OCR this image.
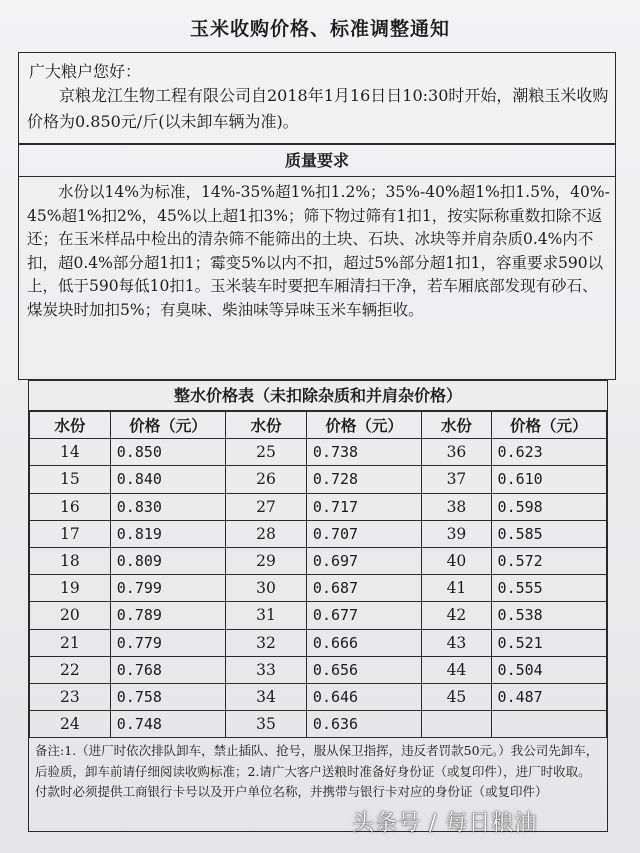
玉米收购价格、标准调整通知
广大粮户您好：
京粮龙江生物工程有限公司自2018年1月16日日10:30时开始，潮粮玉米收购价格为0.850元/斤(以未卸车辆为准)。
质量要求
水份以14%为标准，14%-35%超1%扣1.2%；35%-40%超1%扣1.5%，40%-45%超1%扣2%，45%以上超1扣3%；筛下物过筛有1扣1，按实际称重数扣除不返还；在玉米样品中检出的清杂筛不能筛出的土块、石块、冰块等并肩杂质0.4%内不扣，超0.4%部分超1扣1；霉变5%以内不扣，超过5%部分超1扣1，容重要求590以上，低于590每低10扣1。玉米装车时要把车厢清扫干净，若车厢底部发现有砂石、煤炭块时加扣5%；有臭味、柴油味等异味玉米车辆拒收。
整水价格表（未扣除杂质和并肩杂价格）
水份	价格（元）	水份	价格（元）	水份	价格（元）
14	0.850	25	0.738	36	0.623
15	0.840	26	0.728	37	0.610
16	0.830	27	0.717	38	0.598
17	0.819	28	0.707	39	0.585
18	0.809	29	0.697	40	0.572
19	0.799	30	0.687	41	0.555
20	0.789	31	0.677	42	0.538
21	0.779	32	0.666	43	0.521
22	0.768	33	0.656	44	0.504
23	0.758	34	0.646	45	0.487
24	0.748	35	0.636		
备注:1.（进厂时依次排队卸车，禁止插队、抢号，服从保卫指挥，违反者罚款50元。）我公司先卸车，后验质，卸车前请仔细阅读收购标准；2.请广大客户送粮时准备好身份证（或复印件），进厂时收取。付款时必须提供工商银行卡号以及开户单位名称，并携带与银行卡对应的身份证（或复印件）
头条号 / 每日粮油
